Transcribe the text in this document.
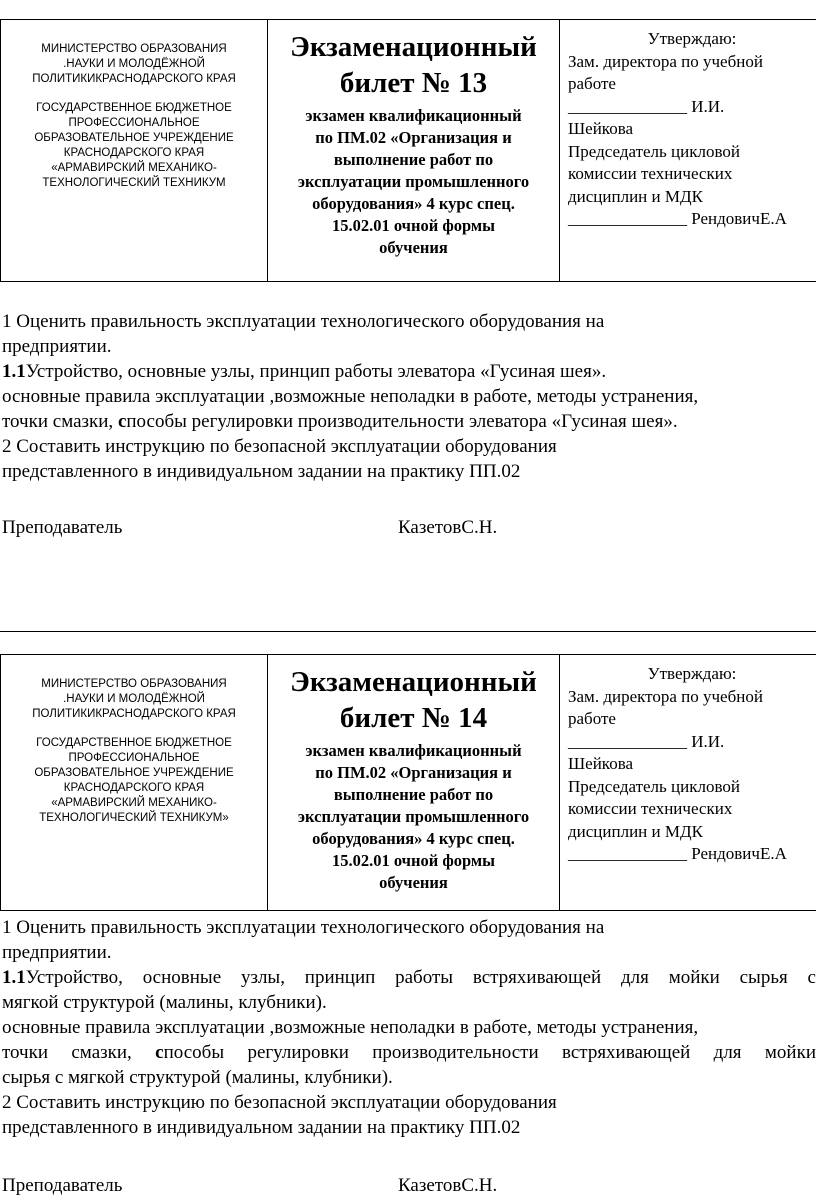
МИНИСТЕРСТВО ОБРАЗОВАНИЯ
.НАУКИ И МОЛОДЁЖНОЙ
ПОЛИТИКИКРАСНОДАРСКОГО КРАЯ
ГОСУДАРСТВЕННОЕ БЮДЖЕТНОЕ
ПРОФЕССИОНАЛЬНОЕ
ОБРАЗОВАТЕЛЬНОЕ УЧРЕЖДЕНИЕ
КРАСНОДАРСКОГО КРАЯ
«АРМАВИРСКИЙ МЕХАНИКО-
ТЕХНОЛОГИЧЕСКИЙ ТЕХНИКУМ

Экзаменационный
билет № 13
экзамен квалификационный
по ПМ.02 «Организация и
выполнение работ по
эксплуатации промышленного
оборудования» 4 курс спец.
15.02.01 очной формы
обучения

Утверждаю:
Зам. директора по учебной
работе
______________ И.И.
Шейкова
Председатель цикловой
комиссии технических
дисциплин и МДК
______________ РендовичЕ.А
1 Оценить правильность эксплуатации технологического оборудования на
предприятии.
1.1Устройство, основные узлы, принцип работы элеватора «Гусиная шея».
основные правила эксплуатации ,возможные неполадки в работе, методы устранения,
точки смазки, способы регулировки производительности элеватора «Гусиная шея».
2 Составить инструкцию по безопасной эксплуатации оборудования
представленного в индивидуальном задании на практику ПП.02
Преподаватель	КазетовС.Н.
МИНИСТЕРСТВО ОБРАЗОВАНИЯ
.НАУКИ И МОЛОДЁЖНОЙ
ПОЛИТИКИКРАСНОДАРСКОГО КРАЯ
ГОСУДАРСТВЕННОЕ БЮДЖЕТНОЕ
ПРОФЕССИОНАЛЬНОЕ
ОБРАЗОВАТЕЛЬНОЕ УЧРЕЖДЕНИЕ
КРАСНОДАРСКОГО КРАЯ
«АРМАВИРСКИЙ МЕХАНИКО-
ТЕХНОЛОГИЧЕСКИЙ ТЕХНИКУМ»

Экзаменационный
билет № 14
экзамен квалификационный
по ПМ.02 «Организация и
выполнение работ по
эксплуатации промышленного
оборудования» 4 курс спец.
15.02.01 очной формы
обучения

Утверждаю:
Зам. директора по учебной
работе
______________ И.И.
Шейкова
Председатель цикловой
комиссии технических
дисциплин и МДК
______________ РендовичЕ.А
1 Оценить правильность эксплуатации технологического оборудования на
предприятии.
1.1Устройство, основные узлы, принцип работы встряхивающей для мойки сырья с
мягкой структурой (малины, клубники).
основные правила эксплуатации ,возможные неполадки в работе, методы устранения,
точки смазки, способы регулировки производительности встряхивающей для мойки
сырья с мягкой структурой (малины, клубники).
2 Составить инструкцию по безопасной эксплуатации оборудования
представленного в индивидуальном задании на практику ПП.02
Преподаватель	КазетовС.Н.
